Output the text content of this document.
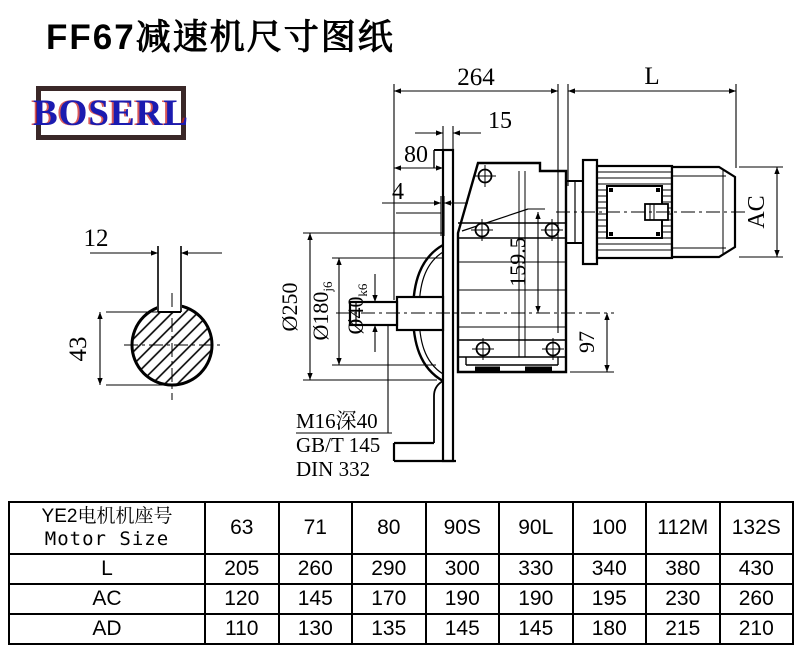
FF67减速机尺寸图纸
BOSERL
264	L
15
80
4
12
AC
159.5
97
Ø250 Ø180j6
Ø40k6
43
M16深40
GB/T 145
DIN 332
YE2电机机座号
Motor Size	63	71	80	90S	90L	100	112M	132S
L	205	260	290	300	330	340	380	430
AC	120	145	170	190	190	195	230	260
AD	110	130	135	145	145	180	215	210
